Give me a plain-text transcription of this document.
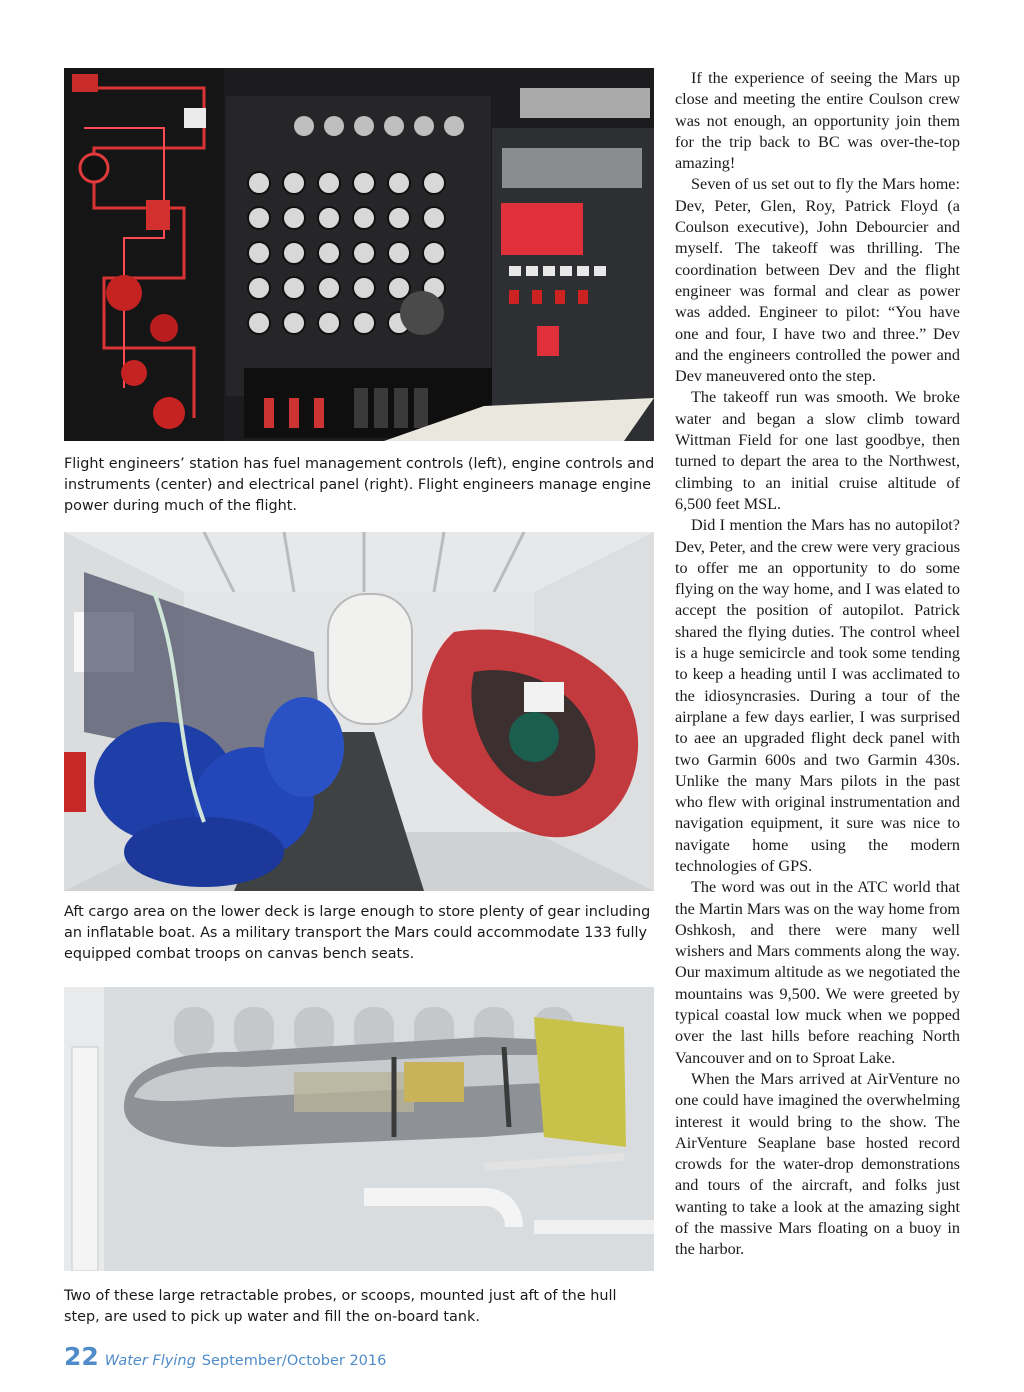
Flight engineers’ station has fuel management controls (left), engine controls and instruments (center) and electrical panel (right). Flight engineers manage engine power during much of the flight.

Aft cargo area on the lower deck is large enough to store plenty of gear including an inflatable boat. As a military transport the Mars could accommodate 133 fully equipped combat troops on canvas bench seats.

Two of these large retractable probes, or scoops, mounted just aft of the hull step, are used to pick up water and fill the on-board tank.

If the experience of seeing the Mars up close and meeting the entire Coulson crew was not enough, an opportunity join them for the trip back to BC was over-the-top amazing!

Seven of us set out to fly the Mars home: Dev, Peter, Glen, Roy, Patrick Floyd (a Coulson executive), John Debourcier and myself. The takeoff was thrilling. The coordination between Dev and the flight engineer was formal and clear as power was added. Engineer to pilot: “You have one and four, I have two and three.” Dev and the engineers controlled the power and Dev maneuvered onto the step.

The takeoff run was smooth. We broke water and began a slow climb toward Wittman Field for one last goodbye, then turned to depart the area to the Northwest, climbing to an initial cruise altitude of 6,500 feet MSL.

Did I mention the Mars has no autopilot? Dev, Peter, and the crew were very gracious to offer me an opportunity to do some flying on the way home, and I was elated to accept the position of autopilot. Patrick shared the flying duties. The control wheel is a huge semicircle and took some tending to keep a heading until I was acclimated to the idiosyncrasies. During a tour of the airplane a few days earlier, I was surprised to aee an upgraded flight deck panel with two Garmin 600s and two Garmin 430s. Unlike the many Mars pilots in the past who flew with original instrumentation and navigation equipment, it sure was nice to navigate home using the modern technologies of GPS.

The word was out in the ATC world that the Martin Mars was on the way home from Oshkosh, and there were many well wishers and Mars comments along the way. Our maximum altitude as we negotiated the mountains was 9,500. We were greeted by typical coastal low muck when we popped over the last hills before reaching North Vancouver and on to Sproat Lake.

When the Mars arrived at AirVenture no one could have imagined the overwhelming interest it would bring to the show. The AirVenture Seaplane base hosted record crowds for the water-drop demonstrations and tours of the aircraft, and folks just wanting to take a look at the amazing sight of the massive Mars floating on a buoy in the harbor.

22 Water Flying September/October 2016
